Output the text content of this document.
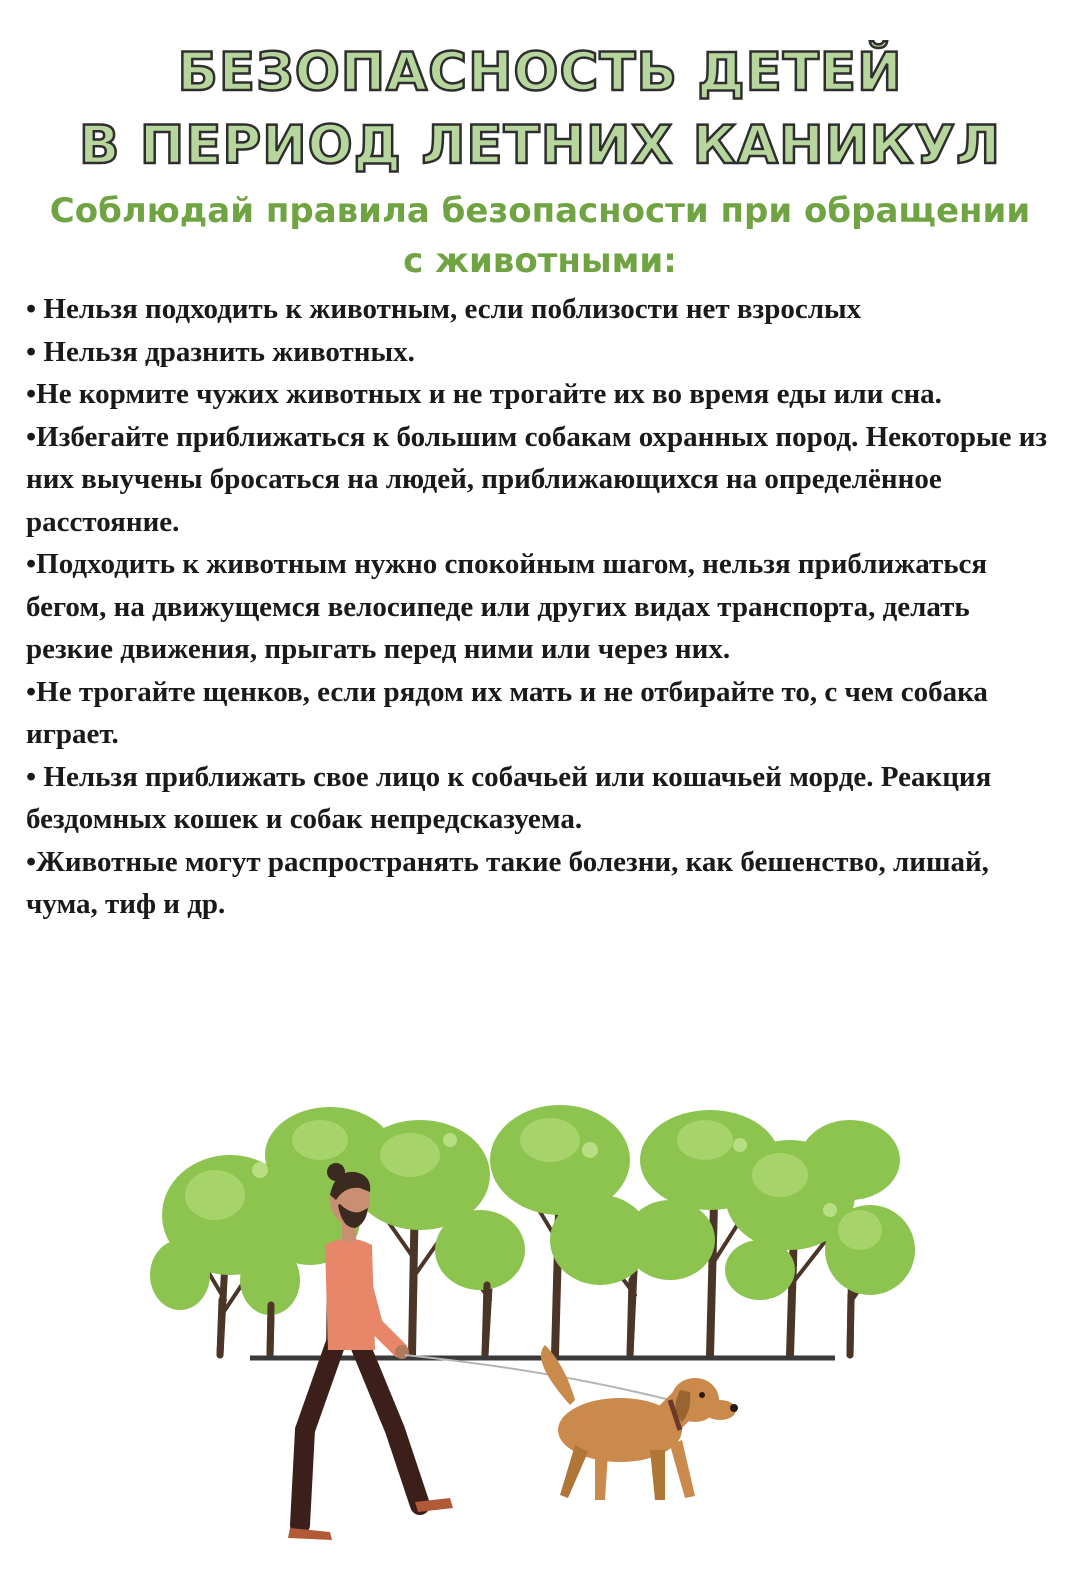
БЕЗОПАСНОСТЬ ДЕТЕЙ
В ПЕРИОД ЛЕТНИХ КАНИКУЛ
Соблюдай правила безопасности при обращении с животными:
• Нельзя подходить к животным, если поблизости нет взрослых
• Нельзя дразнить животных.
•Не кормите чужих животных и не трогайте их во время еды или сна.
•Избегайте приближаться к большим собакам охранных пород. Некоторые из них выучены бросаться на людей, приближающихся на определённое расстояние.
•Подходить к животным нужно спокойным шагом, нельзя приближаться бегом, на движущемся велосипеде или других видах транспорта, делать резкие движения, прыгать перед ними или через них.
•Не трогайте щенков, если рядом их мать и не отбирайте то, с чем собака играет.
• Нельзя приближать свое лицо к собачьей или кошачьей морде. Реакция бездомных кошек и собак непредсказуема.
•Животные могут распространять такие болезни, как бешенство, лишай, чума, тиф и др.
